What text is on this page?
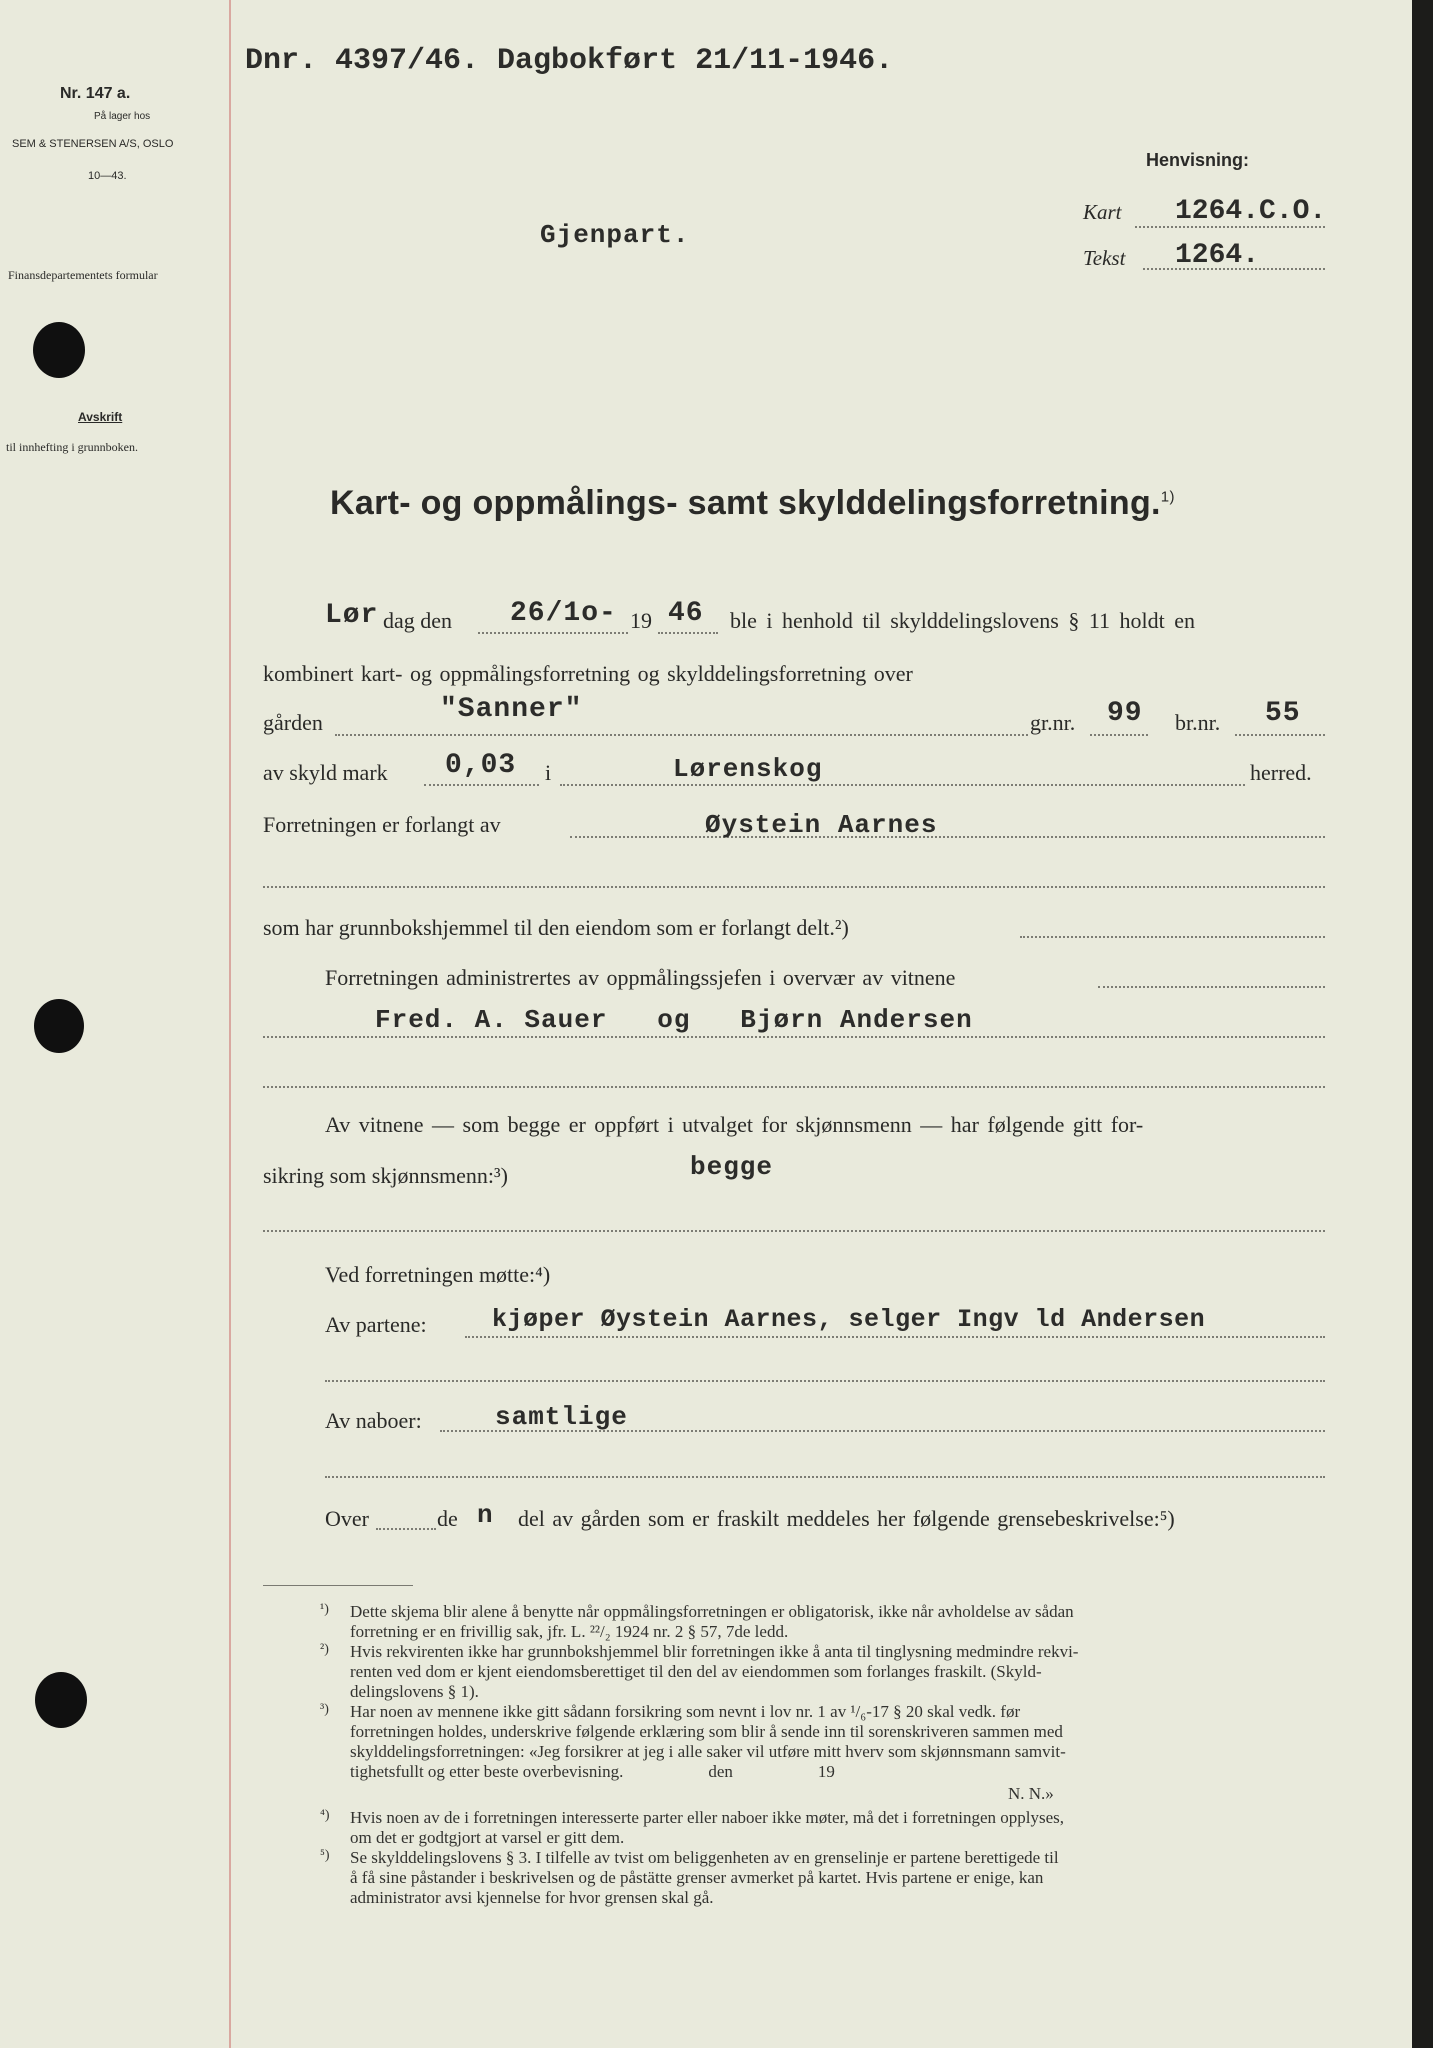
Nr. 147 a.
På lager hos
SEM & STENERSEN A/S, OSLO
10—43.
Finansdepartementets formular
Avskrift
til innhefting i grunnboken.
Dnr. 4397/46. Dagbokført 21/11-1946.
Gjenpart.
Henvisning:
Kart 1264.C.O.
Tekst 1264.
Kart- og oppmålings- samt skylddelingsforretning.$^{1)}$
Lør dag den 26/1o- 19 46 ble i henhold til skylddelingslovens § 11 holdt en
kombinert kart- og oppmålingsforretning og skylddelingsforretning over
gården	"Sanner"	gr.nr. 99 br.nr. 55
av skyld mark 0,03 i	Lørenskog	herred.
Forretningen er forlangt av	Øystein Aarnes
som har grunnbokshjemmel til den eiendom som er forlangt delt.²)
Forretningen administrertes av oppmålingssjefen i overvær av vitnene
Fred. A. Sauer   og   Bjørn Andersen
Av vitnene — som begge er oppført i utvalget for skjønnsmenn — har følgende gitt for-
sikring som skjønnsmenn:³)	begge
Ved forretningen møtte:⁴)
Av partene:	kjøper Øystein Aarnes, selger Ingv ld Andersen
Av naboer:	samtlige
Over	de n del av gården som er fraskilt meddeles her følgende grensebeskrivelse:⁵)
¹) Dette skjema blir alene å benytte når oppmålingsforretningen er obligatorisk, ikke når avholdelse av sådan
forretning er en frivillig sak, jfr. L. ²²/₂ 1924 nr. 2 § 57, 7de ledd.
²) Hvis rekvirenten ikke har grunnbokshjemmel blir forretningen ikke å anta til tinglysning medmindre rekvi-
renten ved dom er kjent eiendomsberettiget til den del av eiendommen som forlanges fraskilt. (Skyld-
delingslovens § 1).
³) Har noen av mennene ikke gitt sådann forsikring som nevnt i lov nr. 1 av ¹/₆-17 § 20 skal vedk. før
forretningen holdes, underskrive følgende erklæring som blir å sende inn til sorenskriveren sammen med
skylddelingsforretningen: «Jeg forsikrer at jeg i alle saker vil utføre mitt hverv som skjønnsmann samvit-
tighetsfullt og etter beste overbevisning.                    den                    19
N. N.»
⁴) Hvis noen av de i forretningen interesserte parter eller naboer ikke møter, må det i forretningen opplyses,
om det er godtgjort at varsel er gitt dem.
⁵) Se skylddelingslovens § 3. I tilfelle av tvist om beliggenheten av en grenselinje er partene berettigede til
å få sine påstander i beskrivelsen og de påstätte grenser avmerket på kartet. Hvis partene er enige, kan
administrator avsi kjennelse for hvor grensen skal gå.
